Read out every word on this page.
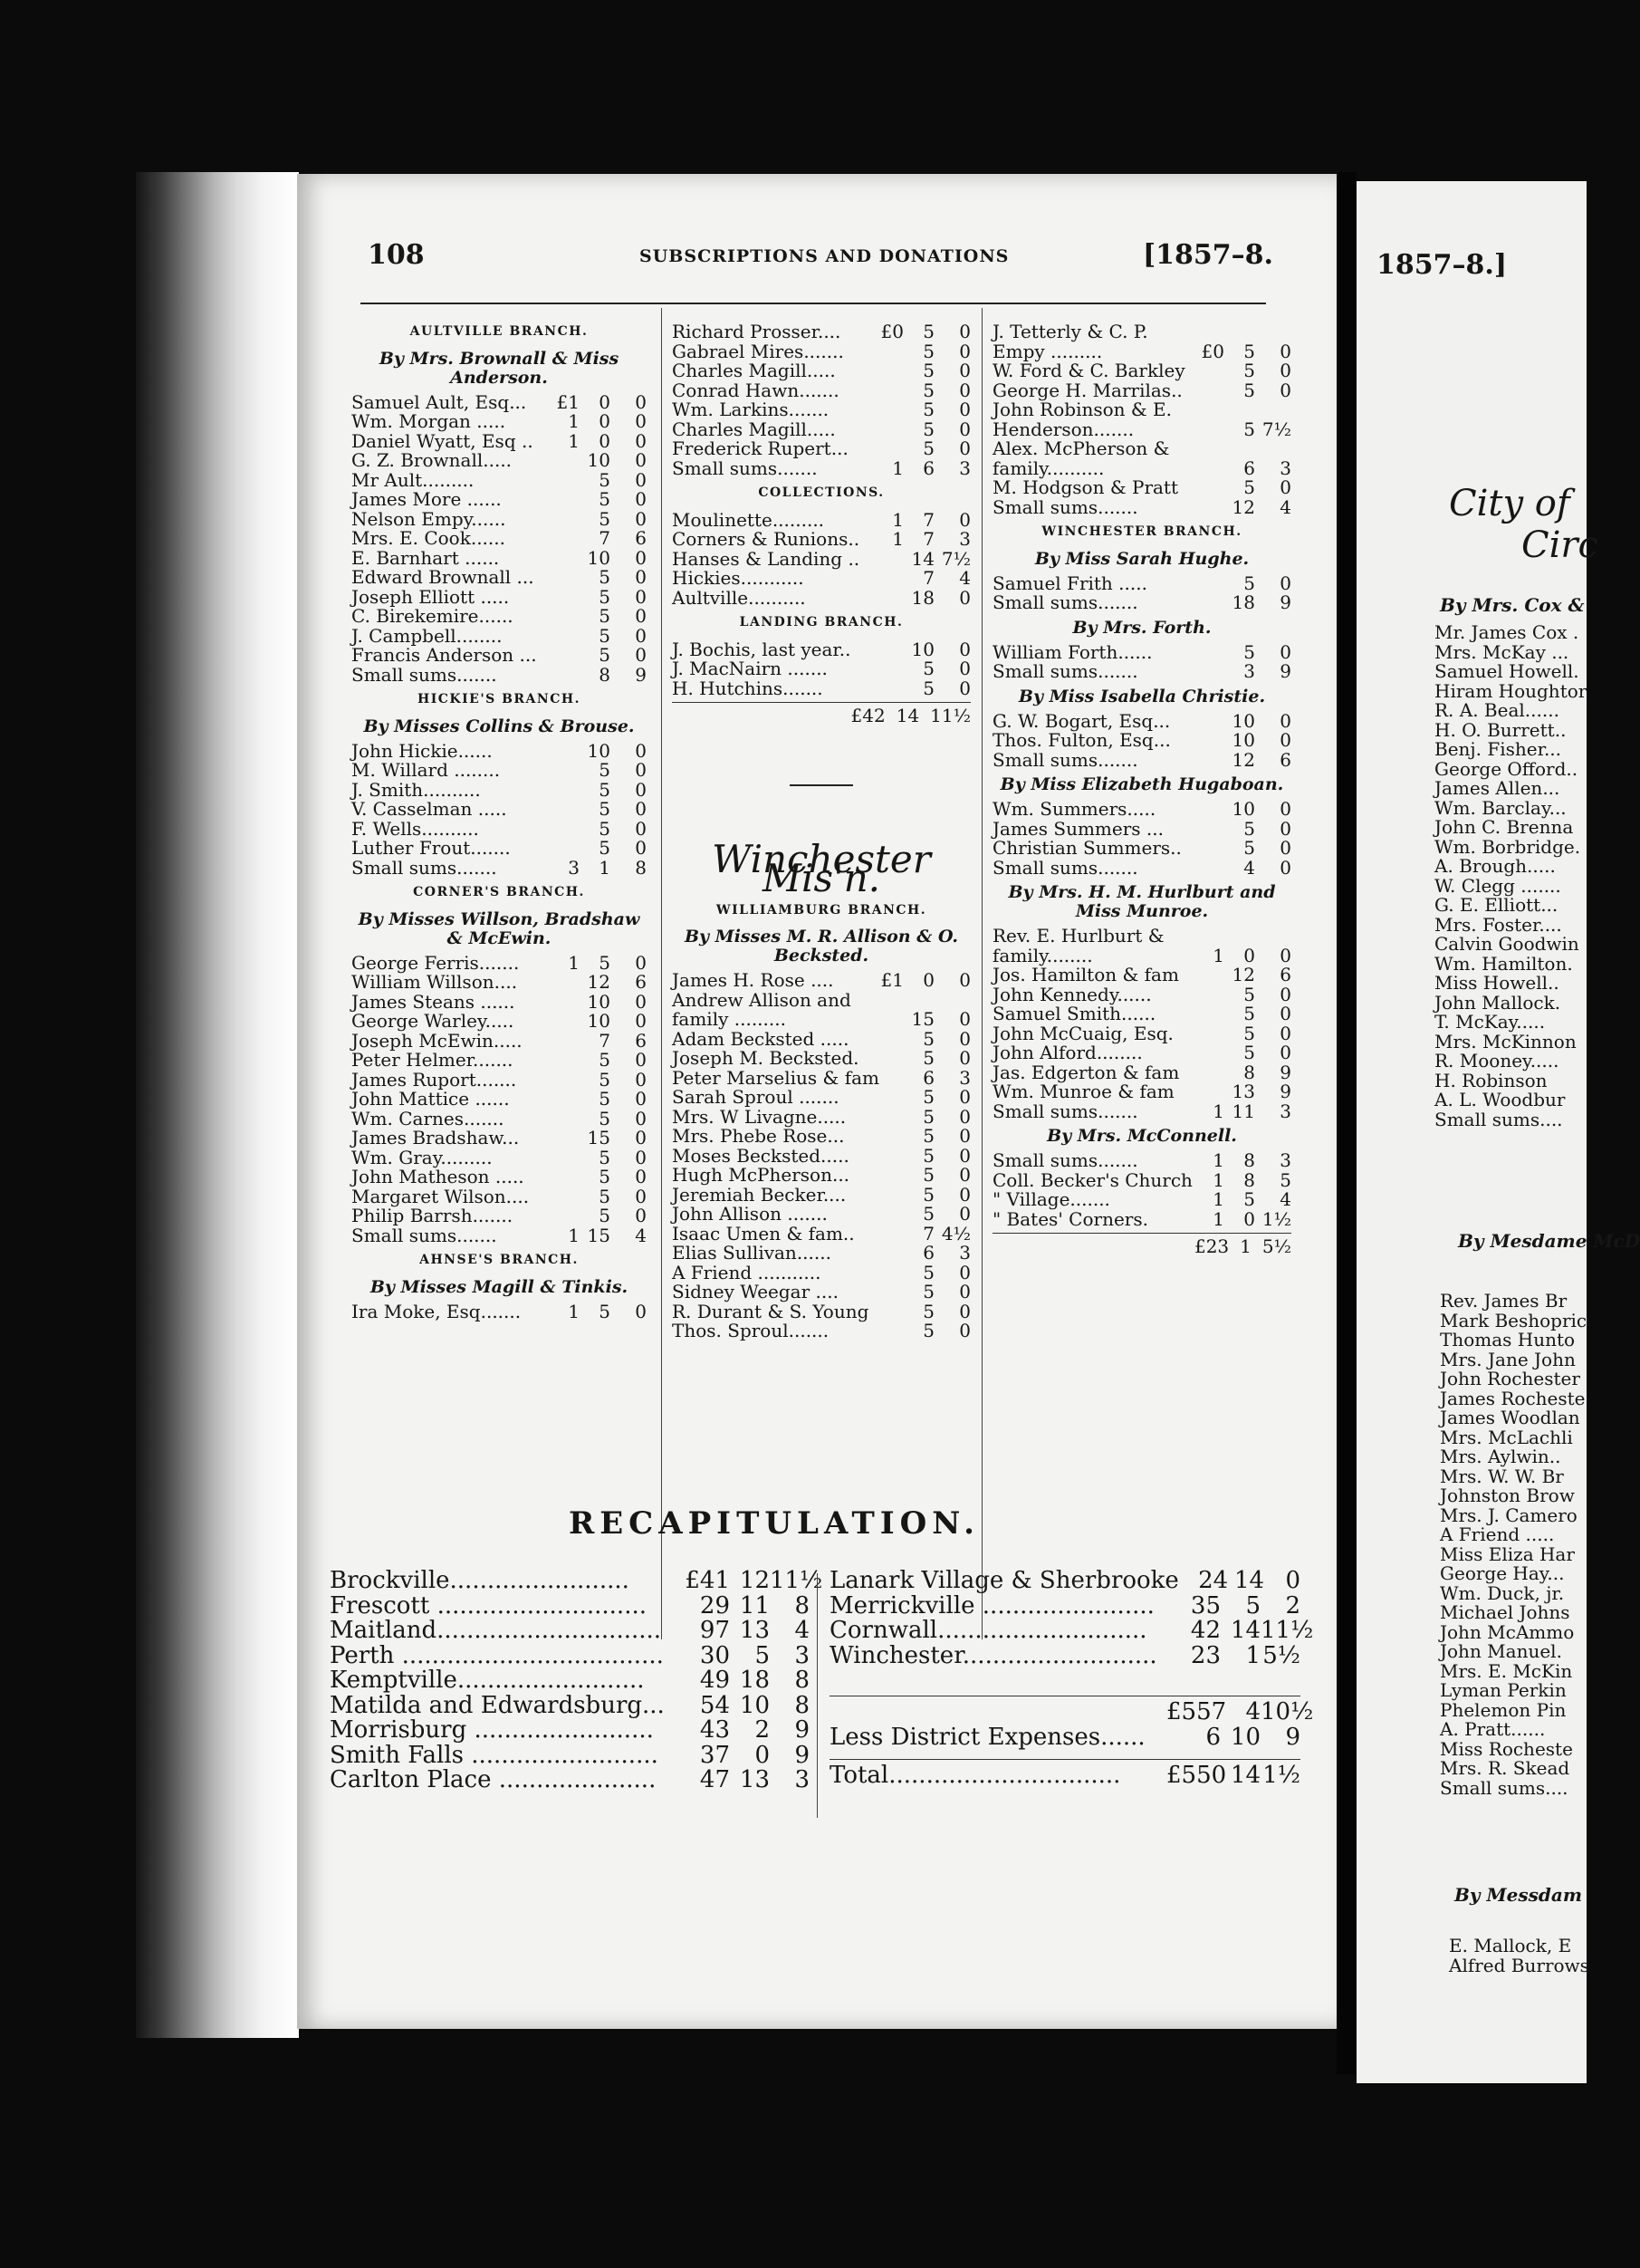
108	SUBSCRIPTIONS AND DONATIONS	[1857–8.
AULTVILLE BRANCH.
By Mrs. Brownall & Miss Anderson.
Samuel Ault, Esq...	£1	0	0
Wm. Morgan .....	1	0	0
Daniel Wyatt, Esq ..	1	0	0
G. Z. Brownall.....	10	0
Mr Ault.........	5	0
James More ......	5	0
Nelson Empy......	5	0
Mrs. E. Cook......	7	6
E. Barnhart ......	10	0
Edward Brownall ...	5	0
Joseph Elliott .....	5	0
C. Birekemire......	5	0
J. Campbell........	5	0
Francis Anderson ...	5	0
Small sums.......	8	9
HICKIE'S BRANCH.
By Misses Collins & Brouse.
John Hickie......	10	0
M. Willard ........	5	0
J. Smith..........	5	0
V. Casselman .....	5	0
F. Wells..........	5	0
Luther Frout.......	5	0
Small sums.......	3	1	8
CORNER'S BRANCH.
By Misses Willson, Bradshaw & McEwin.
George Ferris.......	1	5	0
William Willson....	12	6
James Steans ......	10	0
George Warley.....	10	0
Joseph McEwin.....	7	6
Peter Helmer.......	5	0
James Ruport.......	5	0
John Mattice ......	5	0
Wm. Carnes.......	5	0
James Bradshaw...	15	0
Wm. Gray.........	5	0
John Matheson .....	5	0
Margaret Wilson....	5	0
Philip Barrsh.......	5	0
Small sums.......	1 15	4
AHNSE'S BRANCH.
By Misses Magill & Tinkis.
Ira Moke, Esq.......	1	5	0
Richard Prosser....	£0	5	0
Gabrael Mires.......	5	0
Charles Magill.....	5	0
Conrad Hawn.......	5	0
Wm. Larkins.......	5	0
Charles Magill.....	5	0
Frederick Rupert...	5	0
Small sums.......	1	6	3
COLLECTIONS.
Moulinette.........	1	7	0
Corners & Runions..	1	7	3
Hanses & Landing ..	14 7½
Hickies...........	7	4
Aultville..........	18	0
LANDING BRANCH.
J. Bochis, last year..	10	0
J. MacNairn .......	5	0
H. Hutchins.......	5	0
£42 14 11½
Winchester Mis'n.
WILLIAMBURG BRANCH.
By Misses M. R. Allison & O. Becksted.
James H. Rose ....	£1	0	0
Andrew Allison and
family .........	15	0
Adam Becksted .....	5	0
Joseph M. Becksted.	5	0
Peter Marselius & fam	6	3
Sarah Sproul .......	5	0
Mrs. W Livagne.....	5	0
Mrs. Phebe Rose...	5	0
Moses Becksted.....	5	0
Hugh McPherson...	5	0
Jeremiah Becker....	5	0
John Allison .......	5	0
Isaac Umen & fam..	7 4½
Elias Sullivan......	6	3
A Friend ...........	5	0
Sidney Weegar ....	5	0
R. Durant & S. Young	5	0
Thos. Sproul.......	5	0
J. Tetterly & C. P.
Empy .........	£0	5	0
W. Ford & C. Barkley	5	0
George H. Marrilas..	5	0
John Robinson & E.
Henderson.......	5 7½
Alex. McPherson &
family..........	6	3
M. Hodgson & Pratt	5	0
Small sums.......	12	4
WINCHESTER BRANCH.
By Miss Sarah Hughe.
Samuel Frith .....	5	0
Small sums.......	18	9
By Mrs. Forth.
William Forth......	5	0
Small sums.......	3	9
By Miss Isabella Christie.
G. W. Bogart, Esq...	10	0
Thos. Fulton, Esq...	10	0
Small sums.......	12	6
By Miss Elizabeth Hugaboan.
Wm. Summers.....	10	0
James Summers ...	5	0
Christian Summers..	5	0
Small sums.......	4	0
By Mrs. H. M. Hurlburt and Miss Munroe.
Rev. E. Hurlburt &
family........	1	0	0
Jos. Hamilton & fam	12	6
John Kennedy......	5	0
Samuel Smith......	5	0
John McCuaig, Esq.	5	0
John Alford........	5	0
Jas. Edgerton & fam	8	9
Wm. Munroe & fam	13	9
Small sums.......	1 11	3
By Mrs. McConnell.
Small sums.......	1	8	3
Coll. Becker's Church	1	8	5
" Village.......	1	5	4
" Bates' Corners.	1	0 1½
£23 1 5½
RECAPITULATION.
Brockville........................	£41 12 11½
Frescott ............................	29 11	8
Maitland..............................	97 13	4
Perth ...................................	30	5	3
Kemptville.........................	49 18	8
Matilda and Edwardsburg...	54 10	8
Morrisburg ........................	43	2	9
Smith Falls .........................	37	0	9
Carlton Place .....................	47 13	3
Lanark Village & Sherbrooke 24 14 0
Merrickville .......................	35	5	2
Cornwall............................	42 14 11½
Winchester..........................	23	1 5½
£557 4 10½
Less District Expenses......	6 10	9
Total...............................	£550 14 1½
1857–8.]
City of
Circ
By Mrs. Cox &
Mr. James Cox .
Mrs. McKay ...
Samuel Howell.
Hiram Houghtor
R. A. Beal......
H. O. Burrett..
Benj. Fisher...
George Offord..
James Allen...
Wm. Barclay...
John C. Brenna
Wm. Borbridge.
A. Brough.....
W. Clegg .......
G. E. Elliott...
Mrs. Foster....
Calvin Goodwin
Wm. Hamilton.
Miss Howell..
John Mallock.
T. McKay.....
Mrs. McKinnon
R. Mooney.....
H. Robinson
A. L. Woodbur
Small sums....
By Mesdame McD
Rev. James Br
Mark Beshopric
Thomas Hunto
Mrs. Jane John
John Rochester
James Rocheste
James Woodlan
Mrs. McLachli
Mrs. Aylwin..
Mrs. W. W. Br
Johnston Brow
Mrs. J. Camero
A Friend .....
Miss Eliza Har
George Hay...
Wm. Duck, jr.
Michael Johns
John McAmmo
John Manuel.
Mrs. E. McKin
Lyman Perkin
Phelemon Pin
A. Pratt......
Miss Rocheste
Mrs. R. Skead
Small sums....
By Messdam
E. Mallock, E
Alfred Burrows
